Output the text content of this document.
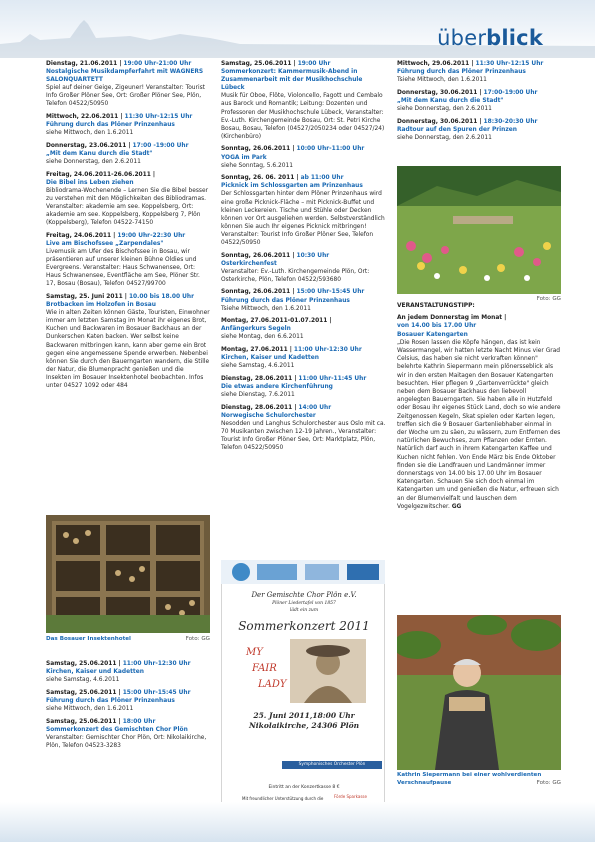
überblick
Dienstag, 21.06.2011 | 19:00 Uhr-21:00 Uhr
Nostalgische Musikdampferfahrt mit WAGNERS SALONQUARTETT
Spiel auf deiner Geige, Zigeuner! Veranstalter: Tourist Info Großer Plöner See, Ort: Großer Plöner See, Plön, Telefon 04522/50950
Mittwoch, 22.06.2011 | 11:30 Uhr-12:15 Uhr
Führung durch das Plöner Prinzenhaus
siehe Mittwoch, den 1.6.2011
Donnerstag, 23.06.2011 | 17:00 -19:00 Uhr
„Mit dem Kanu durch die Stadt"
siehe Donnerstag, den 2.6.2011
Freitag, 24.06.2011-26.06.2011 |
Die Bibel ins Leben ziehen
Bibliodrama-Wochenende – Lernen Sie die Bibel besser zu verstehen mit den Möglichkeiten des Bibliodramas. Veranstalter: akademie am see. Koppelsberg, Ort: akademie am see. Koppelsberg, Koppelsberg 7, Plön (Koppelsberg), Telefon 04522-74150
Freitag, 24.06.2011 | 19:00 Uhr-22:30 Uhr
Live am Bischofssee „Zarpendales"
Livemusik am Ufer des Bischofssee in Bosau, wir präsentieren auf unserer kleinen Bühne Oldies und Evergreens. Veranstalter: Haus Schwanensee, Ort: Haus Schwanensee, Eventfläche am See, Plöner Str. 17, Bosau (Bosau), Telefon 04527/99700
Samstag, 25. Juni 2011 | 10.00 bis 18.00 Uhr
Brotbacken im Holzofen in Bosau
Wie in alten Zeiten können Gäste, Touristen, Einwohner immer am letzten Samstag im Monat ihr eigenes Brot, Kuchen und Backwaren im Bosauer Backhaus an der Dunkerschen Katen backen. Wer selbst keine Backwaren mitbringen kann, kann aber gerne ein Brot gegen eine angemessene Spende erwerben. Nebenbei können Sie durch den Bauerngarten wandern, die Stille der Natur, die Blumenpracht genießen und die Insekten im Bosauer Insektenhotel beobachten. Infos unter 04527 1092 oder 484
Das Bosauer Insektenhotel	Foto: GG
Samstag, 25.06.2011 | 11:00 Uhr-12:30 Uhr
Kirchen, Kaiser und Kadetten
siehe Samstag, 4.6.2011
Samstag, 25.06.2011 | 15:00 Uhr-15:45 Uhr
Führung durch das Plöner Prinzenhaus
siehe Mittwoch, den 1.6.2011
Samstag, 25.06.2011 | 18:00 Uhr
Sommerkonzert des Gemischten Chor Plön
Veranstalter: Gemischter Chor Plön, Ort: Nikolaikirche, Plön, Telefon 04523-3283
Samstag, 25.06.2011 | 19:00 Uhr
Sommerkonzert: Kammermusik-Abend in Zusammenarbeit mit der Musikhochschule Lübeck
Musik für Oboe, Flöte, Violoncello, Fagott und Cembalo aus Barock und Romantik; Leitung: Dozenten und Professoren der Musikhochschule Lübeck, Veranstalter: Ev.-Luth. Kirchengemeinde Bosau, Ort: St. Petri Kirche Bosau, Bosau, Telefon (04527/2050234 oder 04527/24) (Kirchenbüro)
Sonntag, 26.06.2011 | 10:00 Uhr-11:00 Uhr
YOGA im Park
siehe Sonntag, 5.6.2011
Sonntag, 26. 06. 2011 | ab 11:00 Uhr
Picknick im Schlossgarten am Prinzenhaus
Der Schlossgarten hinter dem Plöner Prinzenhaus wird eine große Picknick-Fläche – mit Picknick-Buffet und kleinen Leckereien. Tische und Stühle oder Decken können vor Ort ausgeliehen werden. Selbstverständlich können Sie auch Ihr eigenes Picknick mitbringen! Veranstalter: Tourist Info Großer Plöner See, Telefon 04522/50950
Sonntag, 26.06.2011 | 10:30 Uhr
Osterkirchenfest
Veranstalter: Ev.-Luth. Kirchengemeinde Plön, Ort: Osterkirche, Plön, Telefon 04522/593680
Sonntag, 26.06.2011 | 15:00 Uhr-15:45 Uhr
Führung durch das Plöner Prinzenhaus
Tsiehe Mittwoch, den 1.6.2011
Montag, 27.06.2011-01.07.2011 |
Anfängerkurs Segeln
siehe Montag, den 6.6.2011
Montag, 27.06.2011 | 11:00 Uhr-12:30 Uhr
Kirchen, Kaiser und Kadetten
siehe Samstag, 4.6.2011
Dienstag, 28.06.2011 | 11:00 Uhr-11:45 Uhr
Die etwas andere Kirchenführung
siehe Dienstag, 7.6.2011
Dienstag, 28.06.2011 | 14:00 Uhr
Norwegische Schulorchester
Nesodden und Langhus Schulorchester aus Oslo mit ca. 70 Musikanten zwischen 12-19 Jahren., Veranstalter: Tourist Info Großer Plöner See, Ort: Marktplatz, Plön, Telefon 04522/50950
Der Gemischte Chor Plön e.V.
Plöner Liedertafel von 1857
lädt ein zum
Sommerkonzert 2011
MY
FAIR
LADY
25. Juni 2011,18:00 Uhr
Nikolaikirche, 24306 Plön
Symphonisches Orchester Plön
Eintritt an der Konzertkasse 8 €
Mit freundlicher Unterstützung durch die	Förde Sparkasse
Mittwoch, 29.06.2011 | 11:30 Uhr-12:15 Uhr
Führung durch das Plöner Prinzenhaus
Tsiehe Mittwoch, den 1.6.2011
Donnerstag, 30.06.2011 | 17:00-19:00 Uhr
„Mit dem Kanu durch die Stadt"
siehe Donnerstag, den 2.6.2011
Donnerstag, 30.06.2011 | 18:30-20:30 Uhr
Radtour auf den Spuren der Prinzen
siehe Donnerstag, den 2.6.2011
Foto: GG
VERANSTALTUNGSTIPP:
An jedem Donnerstag im Monat |
von 14.00 bis 17.00 Uhr
Bosauer Katengarten
„Die Rosen lassen die Köpfe hängen, das ist kein Wassermangel, wir hatten letzte Nacht Minus vier Grad Celsius, das haben sie nicht verkraften können" belehrte Kathrin Siepermann mein plönersseblick als wir in den ersten Maitagen den Bosauer Katengarten besuchten. Hier pflegen 9 „Gartenverrückte" gleich neben dem Bosauer Backhaus den liebevoll angelegten Bauerngarten. Sie haben alle in Hutzfeld oder Bosau ihr eigenes Stück Land, doch so wie andere Zeitgenossen Kegeln, Skat spielen oder Karten legen, treffen sich die 9 Bosauer Gartenliebhaber einmal in der Woche um zu säen, zu wässern, zum Entfernen des natürlichen Bewuchses, zum Pflanzen oder Ernten. Natürlich darf auch in ihrem Katengarten Kaffee und Kuchen nicht fehlen. Von Ende März bis Ende Oktober finden sie die Landfrauen und Landmänner immer donnerstags von 14.00 bis 17.00 Uhr im Bosauer Katengarten. Schauen Sie sich doch einmal im Katengarten um und genießen die Natur, erfreuen sich an der Blumenvielfalt und lauschen dem Vogelgezwitscher. GG
Kathrin Siepermann bei einer wohlverdienten Verschnaufpause	Foto: GG
